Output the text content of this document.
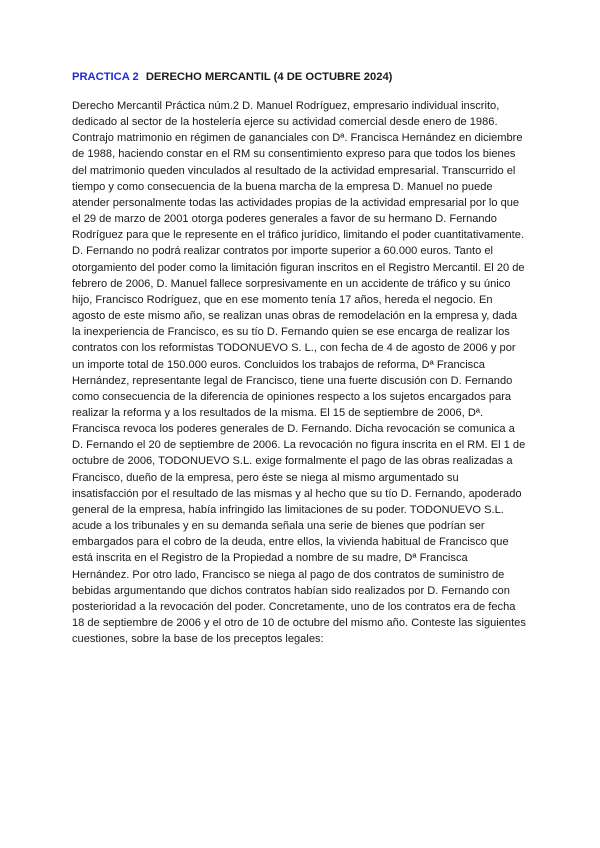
PRACTICA 2 DERECHO MERCANTIL (4 DE OCTUBRE 2024)

Derecho Mercantil Práctica núm.2 D. Manuel Rodríguez, empresario individual inscrito,
dedicado al sector de la hostelería ejerce su actividad comercial desde enero de 1986.
Contrajo matrimonio en régimen de gananciales con Dª. Francisca Hernández en diciembre
de 1988, haciendo constar en el RM su consentimiento expreso para que todos los bienes
del matrimonio queden vinculados al resultado de la actividad empresarial. Transcurrido el
tiempo y como consecuencia de la buena marcha de la empresa D. Manuel no puede
atender personalmente todas las actividades propias de la actividad empresarial por lo que
el 29 de marzo de 2001 otorga poderes generales a favor de su hermano D. Fernando
Rodríguez para que le represente en el tráfico jurídico, limitando el poder cuantitativamente.
D. Fernando no podrá realizar contratos por importe superior a 60.000 euros. Tanto el
otorgamiento del poder como la limitación figuran inscritos en el Registro Mercantil. El 20 de
febrero de 2006, D. Manuel fallece sorpresivamente en un accidente de tráfico y su único
hijo, Francisco Rodríguez, que en ese momento tenía 17 años, hereda el negocio. En
agosto de este mismo año, se realizan unas obras de remodelación en la empresa y, dada
la inexperiencia de Francisco, es su tío D. Fernando quien se ese encarga de realizar los
contratos con los reformistas TODONUEVO S. L., con fecha de 4 de agosto de 2006 y por
un importe total de 150.000 euros. Concluidos los trabajos de reforma, Dª Francisca
Hernández, representante legal de Francisco, tiene una fuerte discusión con D. Fernando
como consecuencia de la diferencia de opiniones respecto a los sujetos encargados para
realizar la reforma y a los resultados de la misma. El 15 de septiembre de 2006, Dª.
Francisca revoca los poderes generales de D. Fernando. Dicha revocación se comunica a
D. Fernando el 20 de septiembre de 2006. La revocación no figura inscrita en el RM. El 1 de
octubre de 2006, TODONUEVO S.L. exige formalmente el pago de las obras realizadas a
Francisco, dueño de la empresa, pero éste se niega al mismo argumentado su
insatisfacción por el resultado de las mismas y al hecho que su tío D. Fernando, apoderado
general de la empresa, había infringido las limitaciones de su poder. TODONUEVO S.L.
acude a los tribunales y en su demanda señala una serie de bienes que podrían ser
embargados para el cobro de la deuda, entre ellos, la vivienda habitual de Francisco que
está inscrita en el Registro de la Propiedad a nombre de su madre, Dª Francisca
Hernández. Por otro lado, Francisco se niega al pago de dos contratos de suministro de
bebidas argumentando que dichos contratos habían sido realizados por D. Fernando con
posterioridad a la revocación del poder. Concretamente, uno de los contratos era de fecha
18 de septiembre de 2006 y el otro de 10 de octubre del mismo año. Conteste las siguientes
cuestiones, sobre la base de los preceptos legales:
